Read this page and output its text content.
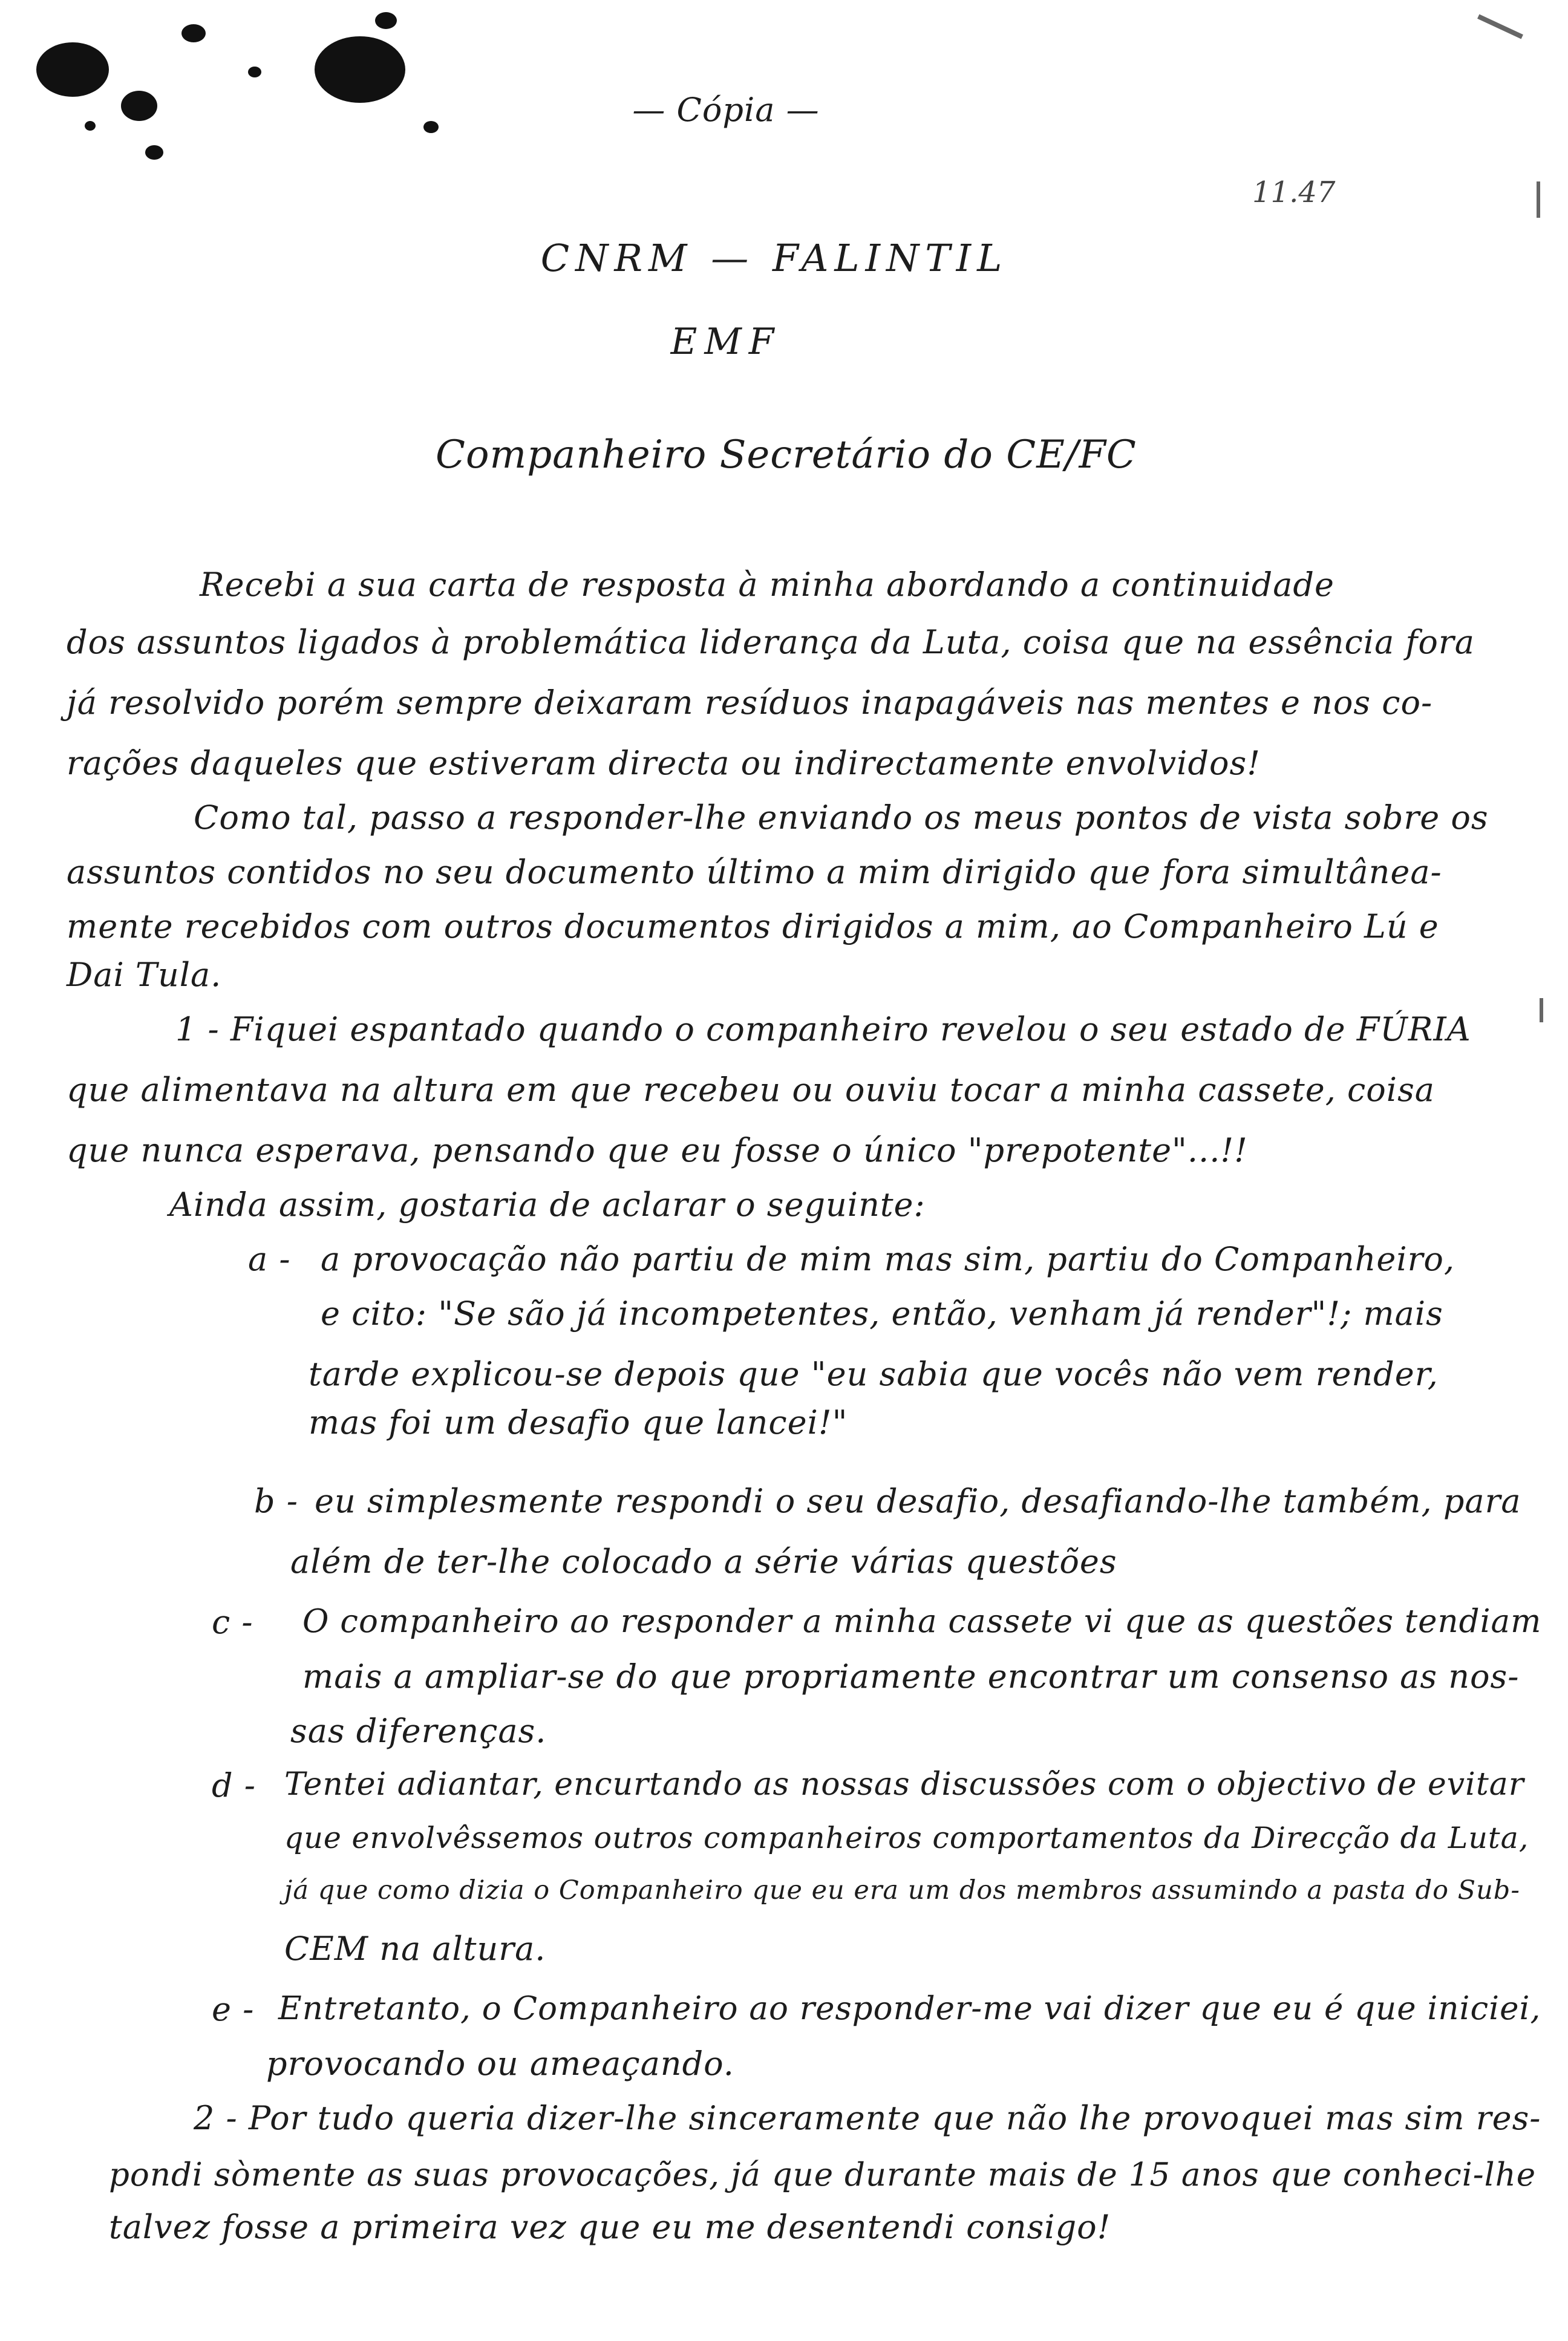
— Cópia —
11.47
CNRM — FALINTIL
EMF
Companheiro Secretário do CE/FC
Recebi a sua carta de resposta à minha abordando a continuidade
dos assuntos ligados à problemática liderança da Luta, coisa que na essência fora
já resolvido porém sempre deixaram resíduos inapagáveis nas mentes e nos co-
rações daqueles que estiveram directa ou indirectamente envolvidos!
Como tal, passo a responder-lhe enviando os meus pontos de vista sobre os
assuntos contidos no seu documento último a mim dirigido que fora simultânea-
mente recebidos com outros documentos dirigidos a mim, ao Companheiro Lú e
Dai Tula.
1 - Fiquei espantado quando o companheiro revelou o seu estado de FÚRIA
que alimentava na altura em que recebeu ou ouviu tocar a minha cassete, coisa
que nunca esperava, pensando que eu fosse o único "prepotente"...!!
Ainda assim, gostaria de aclarar o seguinte:
a - a provocação não partiu de mim mas sim, partiu do Companheiro,
e cito: "Se são já incompetentes, então, venham já render"!; mais
tarde explicou-se depois que "eu sabia que vocês não vem render,
mas foi um desafio que lancei!"
b - eu simplesmente respondi o seu desafio, desafiando-lhe também, para
além de ter-lhe colocado a série várias questões
c - O companheiro ao responder a minha cassete vi que as questões tendiam
mais a ampliar-se do que propriamente encontrar um consenso as nos-
sas diferenças.
d - Tentei adiantar, encurtando as nossas discussões com o objectivo de evitar
que envolvêssemos outros companheiros comportamentos da Direcção da Luta,
já que como dizia o Companheiro que eu era um dos membros assumindo a pasta do Sub-
CEM na altura.
e - Entretanto, o Companheiro ao responder-me vai dizer que eu é que iniciei,
provocando ou ameaçando.
2 - Por tudo queria dizer-lhe sinceramente que não lhe provoquei mas sim res-
pondi sòmente as suas provocações, já que durante mais de 15 anos que conheci-lhe
talvez fosse a primeira vez que eu me desentendi consigo!
